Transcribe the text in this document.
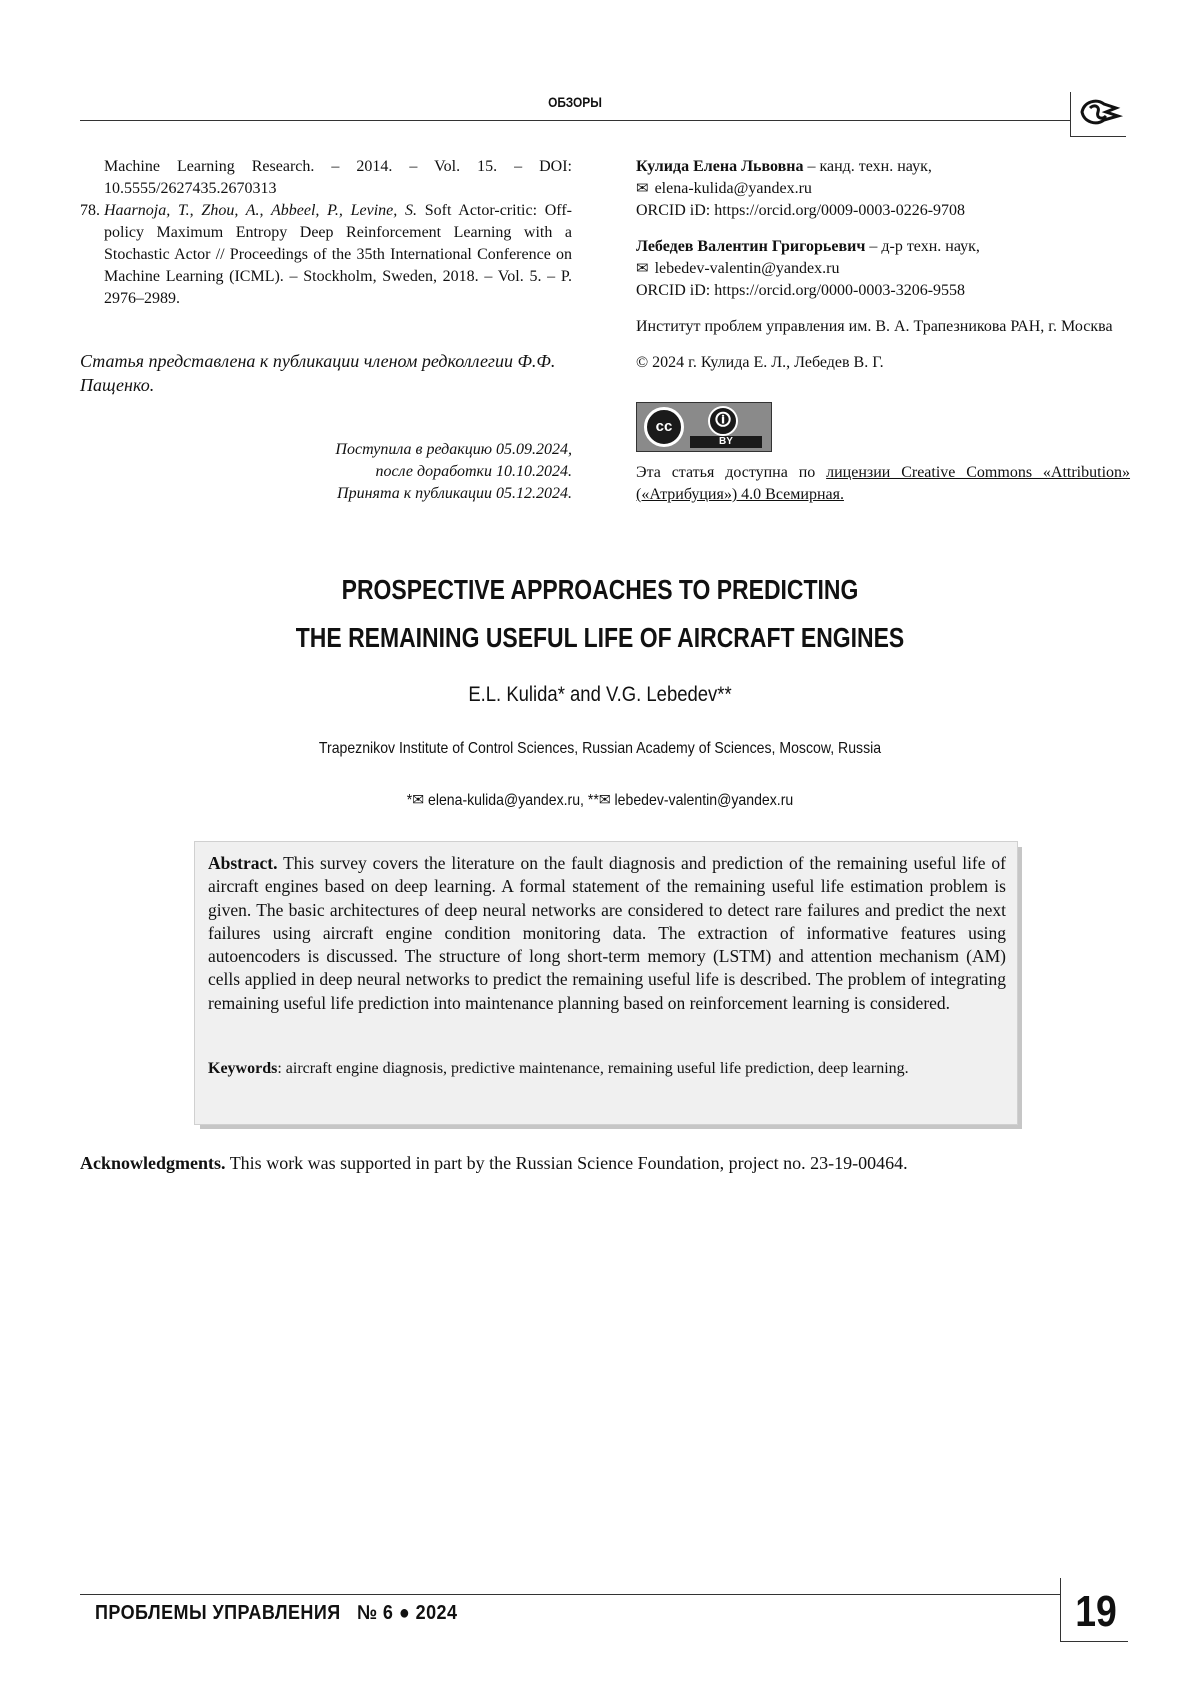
ОБЗОРЫ
Machine Learning Research. – 2014. – Vol. 15. – DOI: 10.5555/2627435.2670313
78. Haarnoja, T., Zhou, A., Abbeel, P., Levine, S. Soft Actor-critic: Off-policy Maximum Entropy Deep Reinforcement Learning with a Stochastic Actor // Proceedings of the 35th International Conference on Machine Learning (ICML). – Stockholm, Sweden, 2018. – Vol. 5. – P. 2976–2989.
Статья представлена к публикации членом редколлегии Ф.Ф. Пащенко.
Поступила в редакцию 05.09.2024,
после доработки 10.10.2024.
Принята к публикации 05.12.2024.
Кулида Елена Львовна – канд. техн. наук,
✉ elena-kulida@yandex.ru
ORCID iD: https://orcid.org/0009-0003-0226-9708
Лебедев Валентин Григорьевич – д-р техн. наук,
✉ lebedev-valentin@yandex.ru
ORCID iD: https://orcid.org/0000-0003-3206-9558
Институт проблем управления им. В. А. Трапезникова РАН, г. Москва
© 2024 г. Кулида Е. Л., Лебедев В. Г.
cc	🛈
BY
Эта статья доступна по лицензии Creative Commons «Attribution» («Атрибуция») 4.0 Всемирная.
PROSPECTIVE APPROACHES TO PREDICTING
THE REMAINING USEFUL LIFE OF AIRCRAFT ENGINES
E.L. Kulida* and V.G. Lebedev**
Trapeznikov Institute of Control Sciences, Russian Academy of Sciences, Moscow, Russia
*✉ elena-kulida@yandex.ru, **✉ lebedev-valentin@yandex.ru
Abstract. This survey covers the literature on the fault diagnosis and prediction of the remaining useful life of aircraft engines based on deep learning. A formal statement of the remaining useful life estimation problem is given. The basic architectures of deep neural networks are considered to detect rare failures and predict the next failures using aircraft engine condition monitoring data. The extraction of informative features using autoencoders is discussed. The structure of long short-term memory (LSTM) and attention mechanism (AM) cells applied in deep neural networks to predict the remaining useful life is described. The problem of integrating remaining useful life prediction into maintenance planning based on reinforcement learning is considered.
Keywords: aircraft engine diagnosis, predictive maintenance, remaining useful life prediction, deep learning.
Acknowledgments. This work was supported in part by the Russian Science Foundation, project no. 23-19-00464.
ПРОБЛЕМЫ УПРАВЛЕНИЯ   № 6 ● 2024	19
